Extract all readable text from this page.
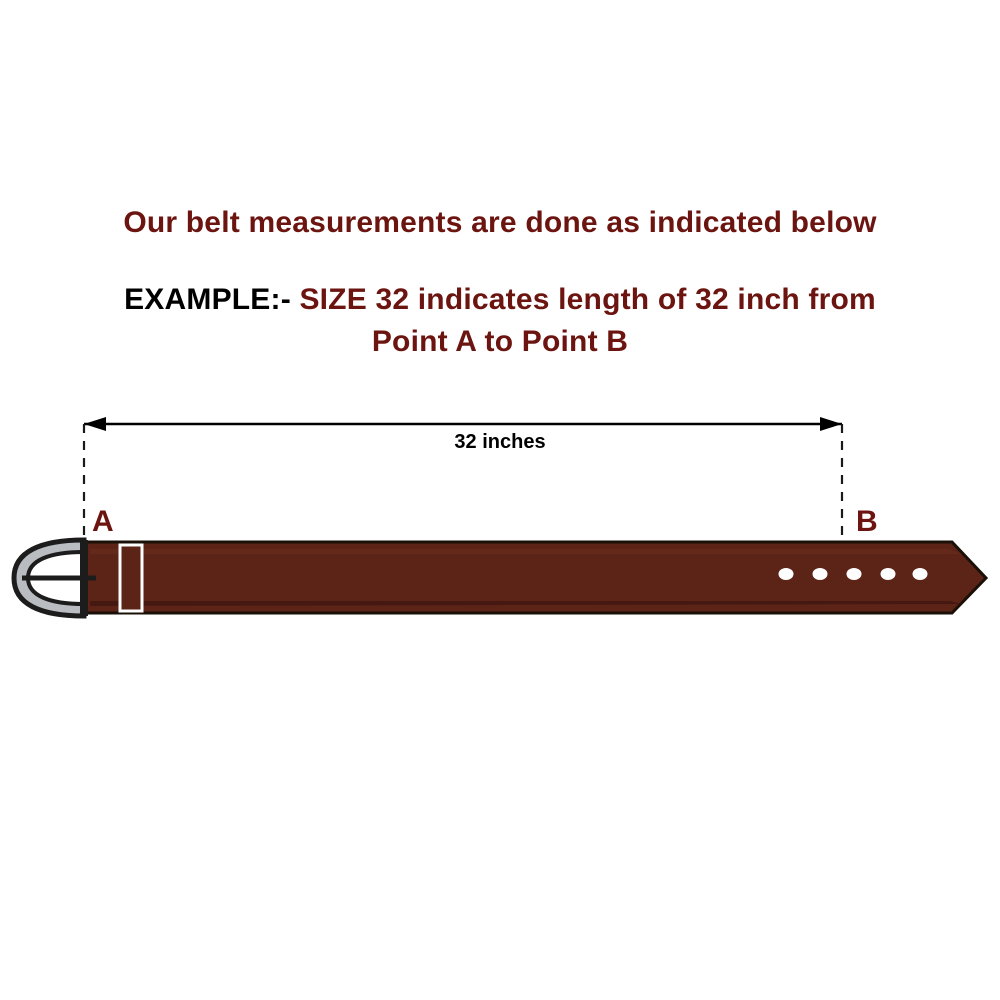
Our belt measurements are done as indicated below
EXAMPLE:- SIZE 32 indicates length of 32 inch from
Point A to Point B
32 inches
A	B
